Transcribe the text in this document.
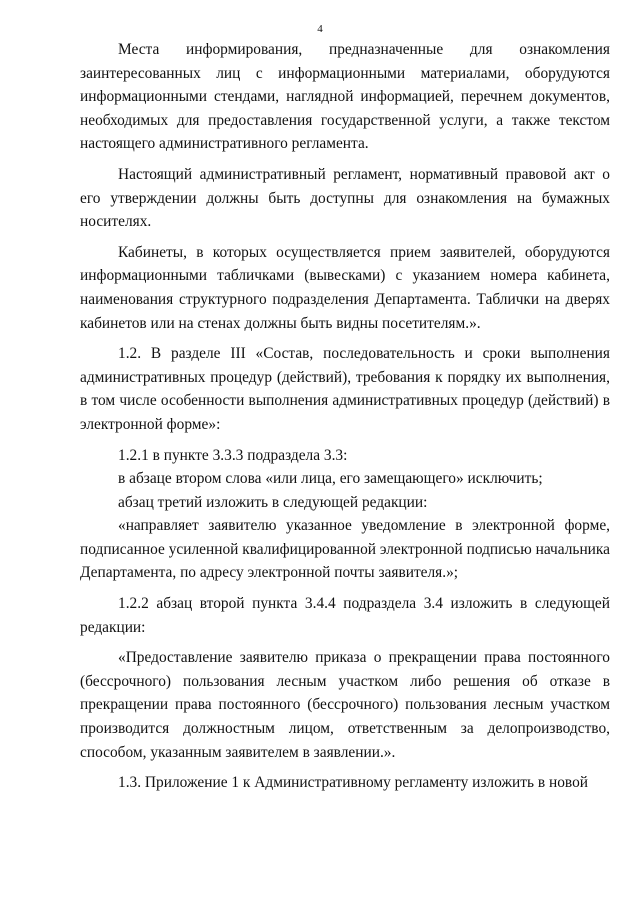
4

Места информирования, предназначенные для ознакомления заинтересованных лиц с информационными материалами, оборудуются информационными стендами, наглядной информацией, перечнем документов, необходимых для предоставления государственной услуги, а также текстом настоящего административного регламента.

Настоящий административный регламент, нормативный правовой акт о его утверждении должны быть доступны для ознакомления на бумажных носителях.

Кабинеты, в которых осуществляется прием заявителей, оборудуются информационными табличками (вывесками) с указанием номера кабинета, наименования структурного подразделения Департамента. Таблички на дверях кабинетов или на стенах должны быть видны посетителям.».

1.2. В разделе III «Состав, последовательность и сроки выполнения административных процедур (действий), требования к порядку их выполнения, в том числе особенности выполнения административных процедур (действий) в электронной форме»:

1.2.1 в пункте 3.3.3 подраздела 3.3:

в абзаце втором слова «или лица, его замещающего» исключить;

абзац третий изложить в следующей редакции:

«направляет заявителю указанное уведомление в электронной форме, подписанное усиленной квалифицированной электронной подписью начальника Департамента, по адресу электронной почты заявителя.»;

1.2.2 абзац второй пункта 3.4.4 подраздела 3.4 изложить в следующей редакции:

«Предоставление заявителю приказа о прекращении права постоянного (бессрочного) пользования лесным участком либо решения об отказе в прекращении права постоянного (бессрочного) пользования лесным участком производится должностным лицом, ответственным за делопроизводство, способом, указанным заявителем в заявлении.».

1.3. Приложение 1 к Административному регламенту изложить в новой
